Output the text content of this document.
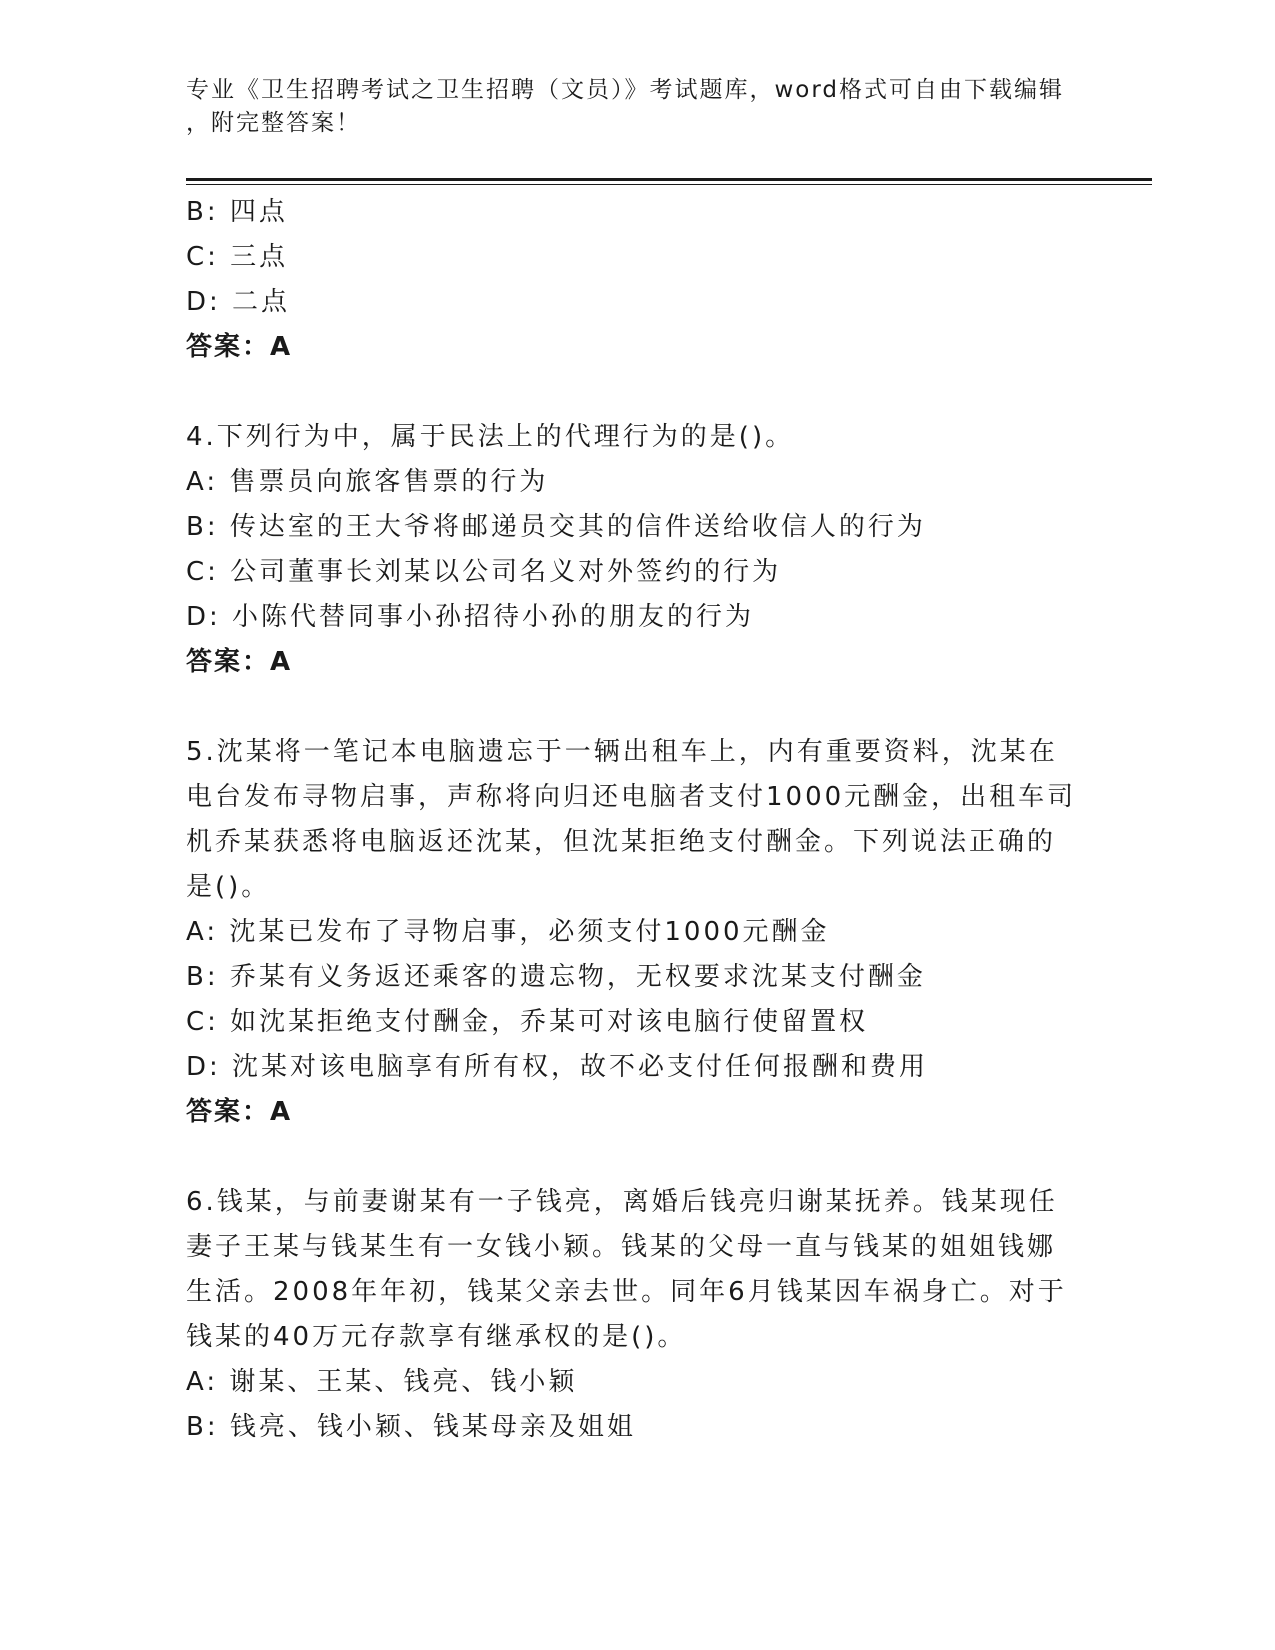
专业《卫生招聘考试之卫生招聘（文员）》考试题库，word格式可自由下载编辑
，附完整答案！
B: 四点
C: 三点
D: 二点
答案：A
4.下列行为中，属于民法上的代理行为的是()。
A: 售票员向旅客售票的行为
B: 传达室的王大爷将邮递员交其的信件送给收信人的行为
C: 公司董事长刘某以公司名义对外签约的行为
D: 小陈代替同事小孙招待小孙的朋友的行为
答案：A
5.沈某将一笔记本电脑遗忘于一辆出租车上，内有重要资料，沈某在
电台发布寻物启事，声称将向归还电脑者支付1000元酬金，出租车司
机乔某获悉将电脑返还沈某，但沈某拒绝支付酬金。下列说法正确的
是()。
A: 沈某已发布了寻物启事，必须支付1000元酬金
B: 乔某有义务返还乘客的遗忘物，无权要求沈某支付酬金
C: 如沈某拒绝支付酬金，乔某可对该电脑行使留置权
D: 沈某对该电脑享有所有权，故不必支付任何报酬和费用
答案：A
6.钱某，与前妻谢某有一子钱亮，离婚后钱亮归谢某抚养。钱某现任
妻子王某与钱某生有一女钱小颖。钱某的父母一直与钱某的姐姐钱娜
生活。2008年年初，钱某父亲去世。同年6月钱某因车祸身亡。对于
钱某的40万元存款享有继承权的是()。
A: 谢某、王某、钱亮、钱小颖
B: 钱亮、钱小颖、钱某母亲及姐姐
